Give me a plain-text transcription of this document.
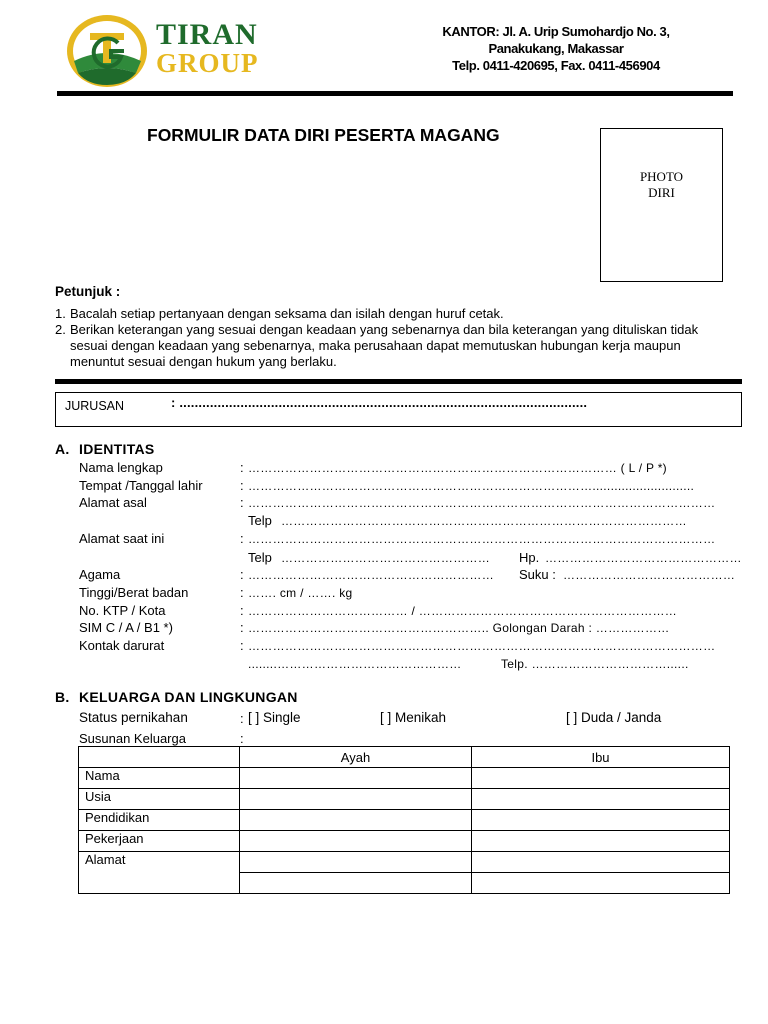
TIRAN
GROUP
KANTOR: Jl. A. Urip Sumohardjo No. 3,
Panakukang, Makassar
Telp. 0411-420695, Fax. 0411-456904
FORMULIR DATA DIRI PESERTA MAGANG
PHOTO
DIRI
Petunjuk :
1. Bacalah setiap pertanyaan dengan seksama dan isilah dengan huruf cetak.
2. Berikan keterangan yang sesuai dengan keadaan yang sebenarnya dan bila keterangan yang dituliskan tidak sesuai dengan keadaan yang sebenarnya, maka perusahaan dapat memutuskan hubungan kerja maupun menuntut sesuai dengan hukum yang berlaku.
JURUSAN	: ...........................................................................................................
A. IDENTITAS
Nama lengkap	: ……………………………………………………………………………… ( L / P *)
Tempat /Tanggal lahir	: …………………………………………………………………………............................
Alamat asal	: ……………………………………………………………………………………………………
Telp ………………………………………………………………………………………
Alamat saat ini	: ……………………………………………………………………………………………………
Telp …………………………………………… Hp. …………………………………………
Agama	: …………………………………………………… Suku : ……………………………………
Tinggi/Berat badan	: ……. cm / ……. kg
No. KTP / Kota	: ………………………………… / ………………………………………………………
SIM C / A / B1 *)	: ………………………………………………….. Golongan Darah : ………………
Kontak darurat	: ……………………………………………………………………………………………………
........………………………………………	Telp. ……………………………......
B. KELUARGA DAN LINGKUNGAN
Status pernikahan	: [ ] Single	[ ] Menikah	[ ] Duda / Janda
Susunan Keluarga	:
	Ayah	Ibu
Nama		
Usia		
Pendidikan		
Pekerjaan		
Alamat		
